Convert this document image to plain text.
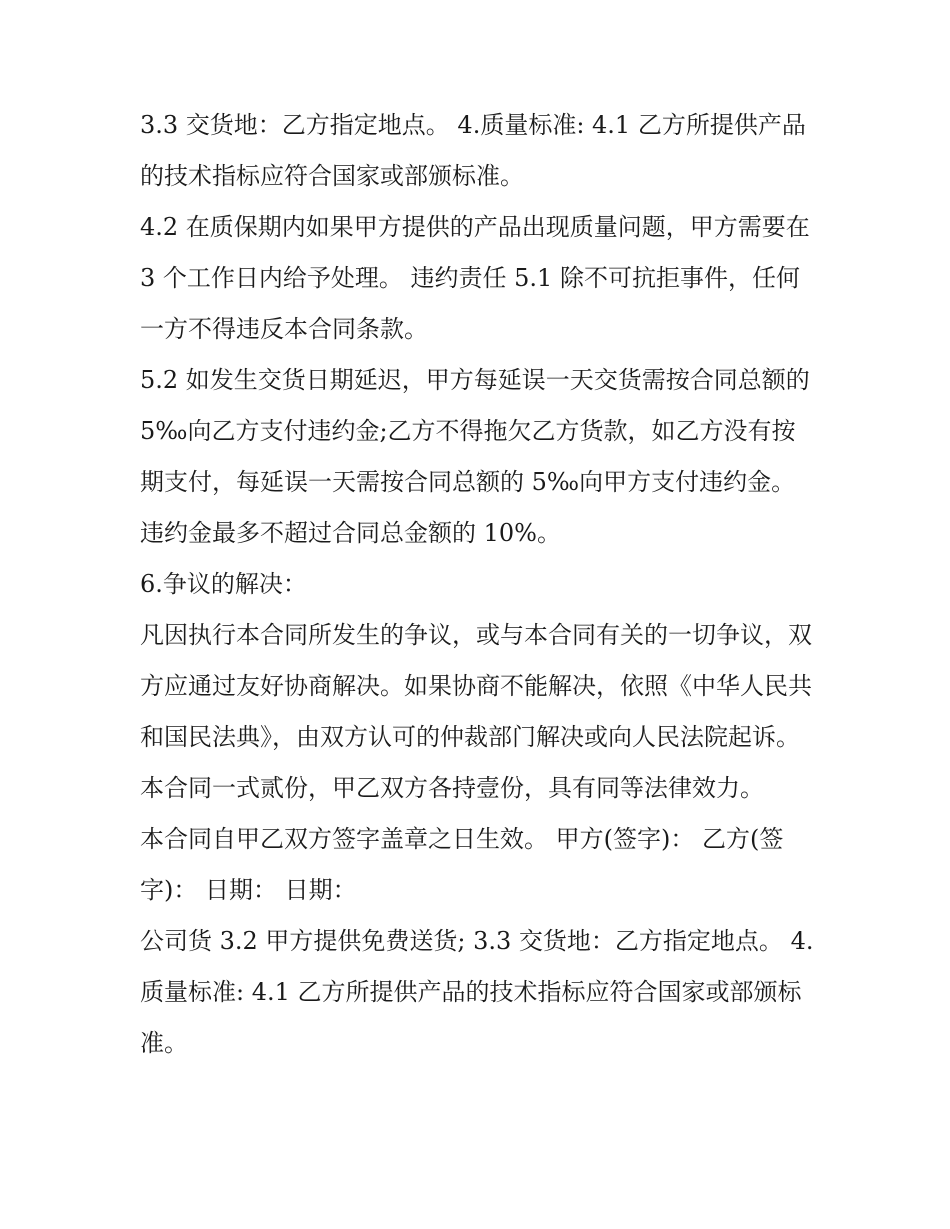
3.3 交货地：乙方指定地点。 4.质量标准: 4.1 乙方所提供产品的技术指标应符合国家或部颁标准。

4.2 在质保期内如果甲方提供的产品出现质量问题，甲方需要在 3 个工作日内给予处理。 违约责任 5.1 除不可抗拒事件，任何一方不得违反本合同条款。

5.2 如发生交货日期延迟，甲方每延误一天交货需按合同总额的 5‰向乙方支付违约金;乙方不得拖欠乙方货款，如乙方没有按期支付，每延误一天需按合同总额的 5‰向甲方支付违约金。违约金最多不超过合同总金额的 10%。

6.争议的解决：

凡因执行本合同所发生的争议，或与本合同有关的一切争议，双方应通过友好协商解决。如果协商不能解决，依照《中华人民共和国民法典》，由双方认可的仲裁部门解决或向人民法院起诉。

本合同一式贰份，甲乙双方各持壹份，具有同等法律效力。

本合同自甲乙双方签字盖章之日生效。 甲方(签字)： 乙方(签字)： 日期： 日期：

公司货 3.2 甲方提供免费送货; 3.3 交货地：乙方指定地点。 4.质量标准: 4.1 乙方所提供产品的技术指标应符合国家或部颁标准。
